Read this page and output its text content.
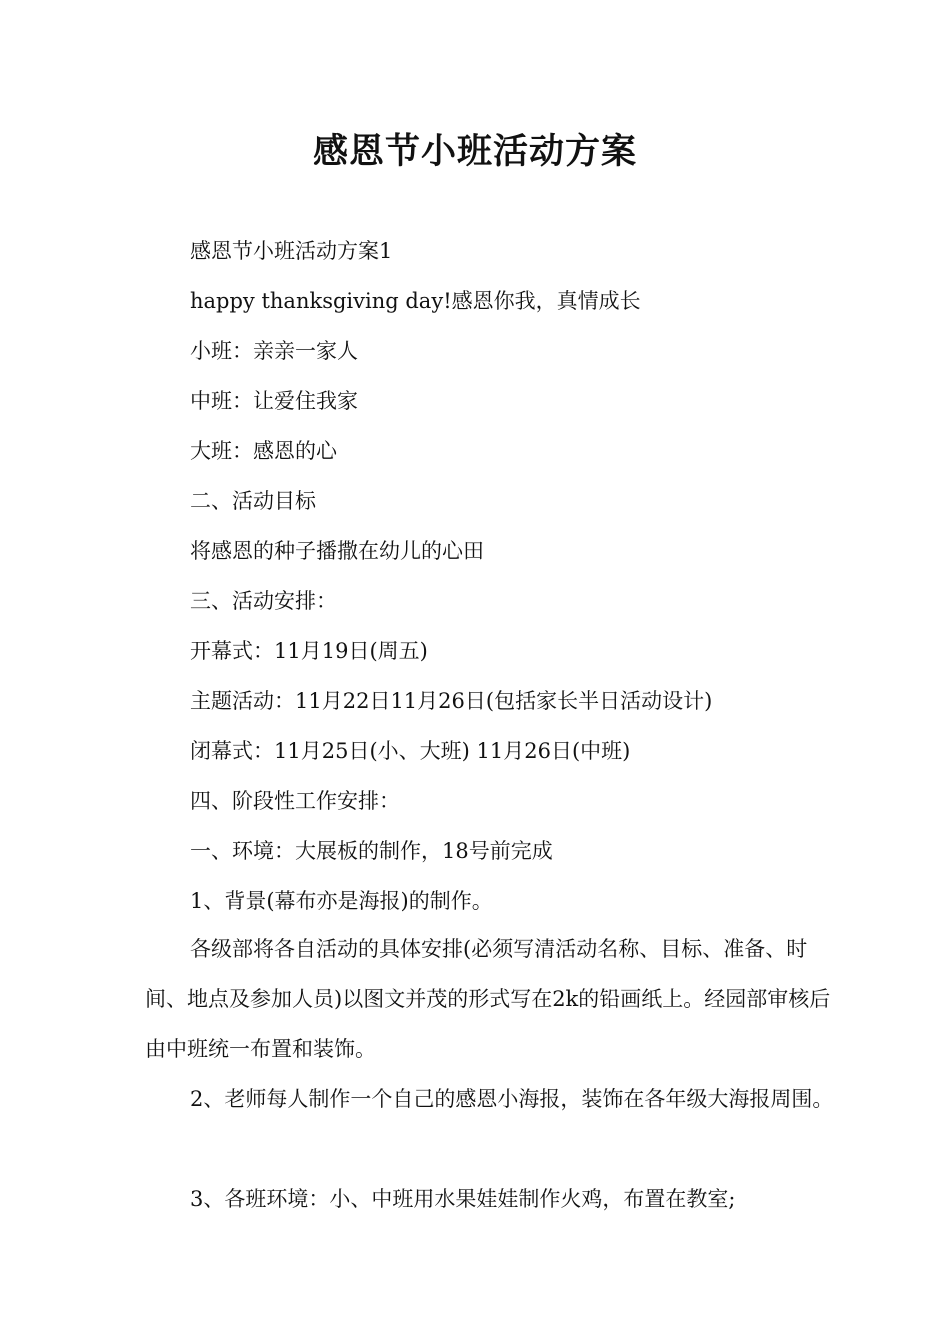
感恩节小班活动方案
感恩节小班活动方案1
happy thanksgiving day!感恩你我，真情成长
小班：亲亲一家人
中班：让爱住我家
大班：感恩的心
二、活动目标
将感恩的种子播撒在幼儿的心田
三、活动安排：
开幕式：11月19日(周五)
主题活动：11月22日11月26日(包括家长半日活动设计)
闭幕式：11月25日(小、大班) 11月26日(中班)
四、阶段性工作安排：
一、环境：大展板的制作，18号前完成
1、背景(幕布亦是海报)的制作。
各级部将各自活动的具体安排(必须写清活动名称、目标、准备、时间、地点及参加人员)以图文并茂的形式写在2k的铅画纸上。经园部审核后由中班统一布置和装饰。
2、老师每人制作一个自己的感恩小海报，装饰在各年级大海报周围。
3、各班环境：小、中班用水果娃娃制作火鸡，布置在教室;
